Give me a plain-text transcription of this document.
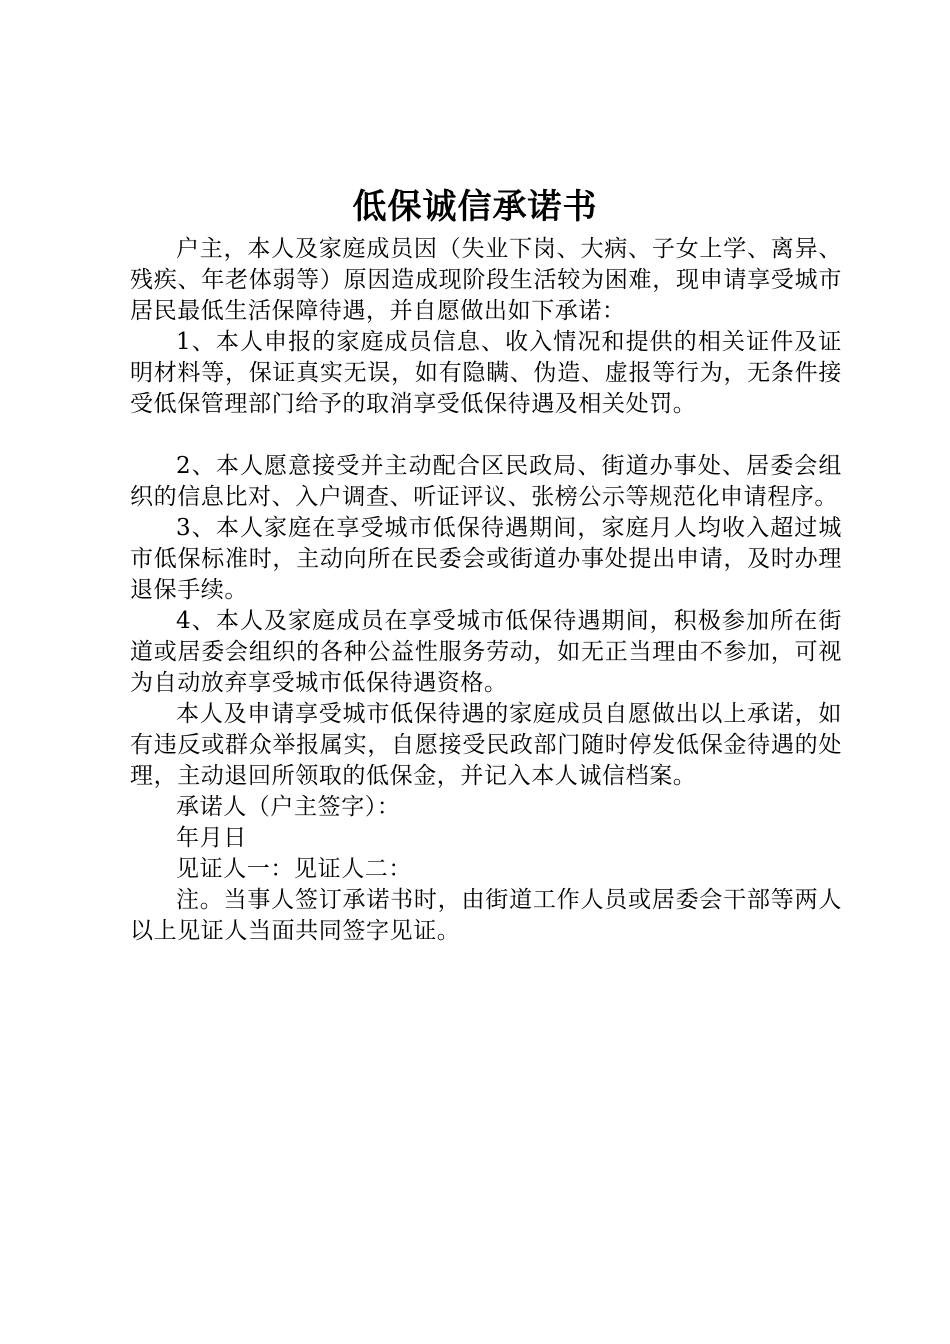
低保诚信承诺书

户主，本人及家庭成员因（失业下岗、大病、子女上学、离异、残疾、年老体弱等）原因造成现阶段生活较为困难，现申请享受城市居民最低生活保障待遇，并自愿做出如下承诺：

1、本人申报的家庭成员信息、收入情况和提供的相关证件及证明材料等，保证真实无误，如有隐瞒、伪造、虚报等行为，无条件接受低保管理部门给予的取消享受低保待遇及相关处罚。

2、本人愿意接受并主动配合区民政局、街道办事处、居委会组织的信息比对、入户调查、听证评议、张榜公示等规范化申请程序。

3、本人家庭在享受城市低保待遇期间，家庭月人均收入超过城市低保标准时，主动向所在民委会或街道办事处提出申请，及时办理退保手续。

4、本人及家庭成员在享受城市低保待遇期间，积极参加所在街道或居委会组织的各种公益性服务劳动，如无正当理由不参加，可视为自动放弃享受城市低保待遇资格。

本人及申请享受城市低保待遇的家庭成员自愿做出以上承诺，如有违反或群众举报属实，自愿接受民政部门随时停发低保金待遇的处理，主动退回所领取的低保金，并记入本人诚信档案。

承诺人（户主签字）：

年月日

见证人一：见证人二：

注。当事人签订承诺书时，由街道工作人员或居委会干部等两人以上见证人当面共同签字见证。
